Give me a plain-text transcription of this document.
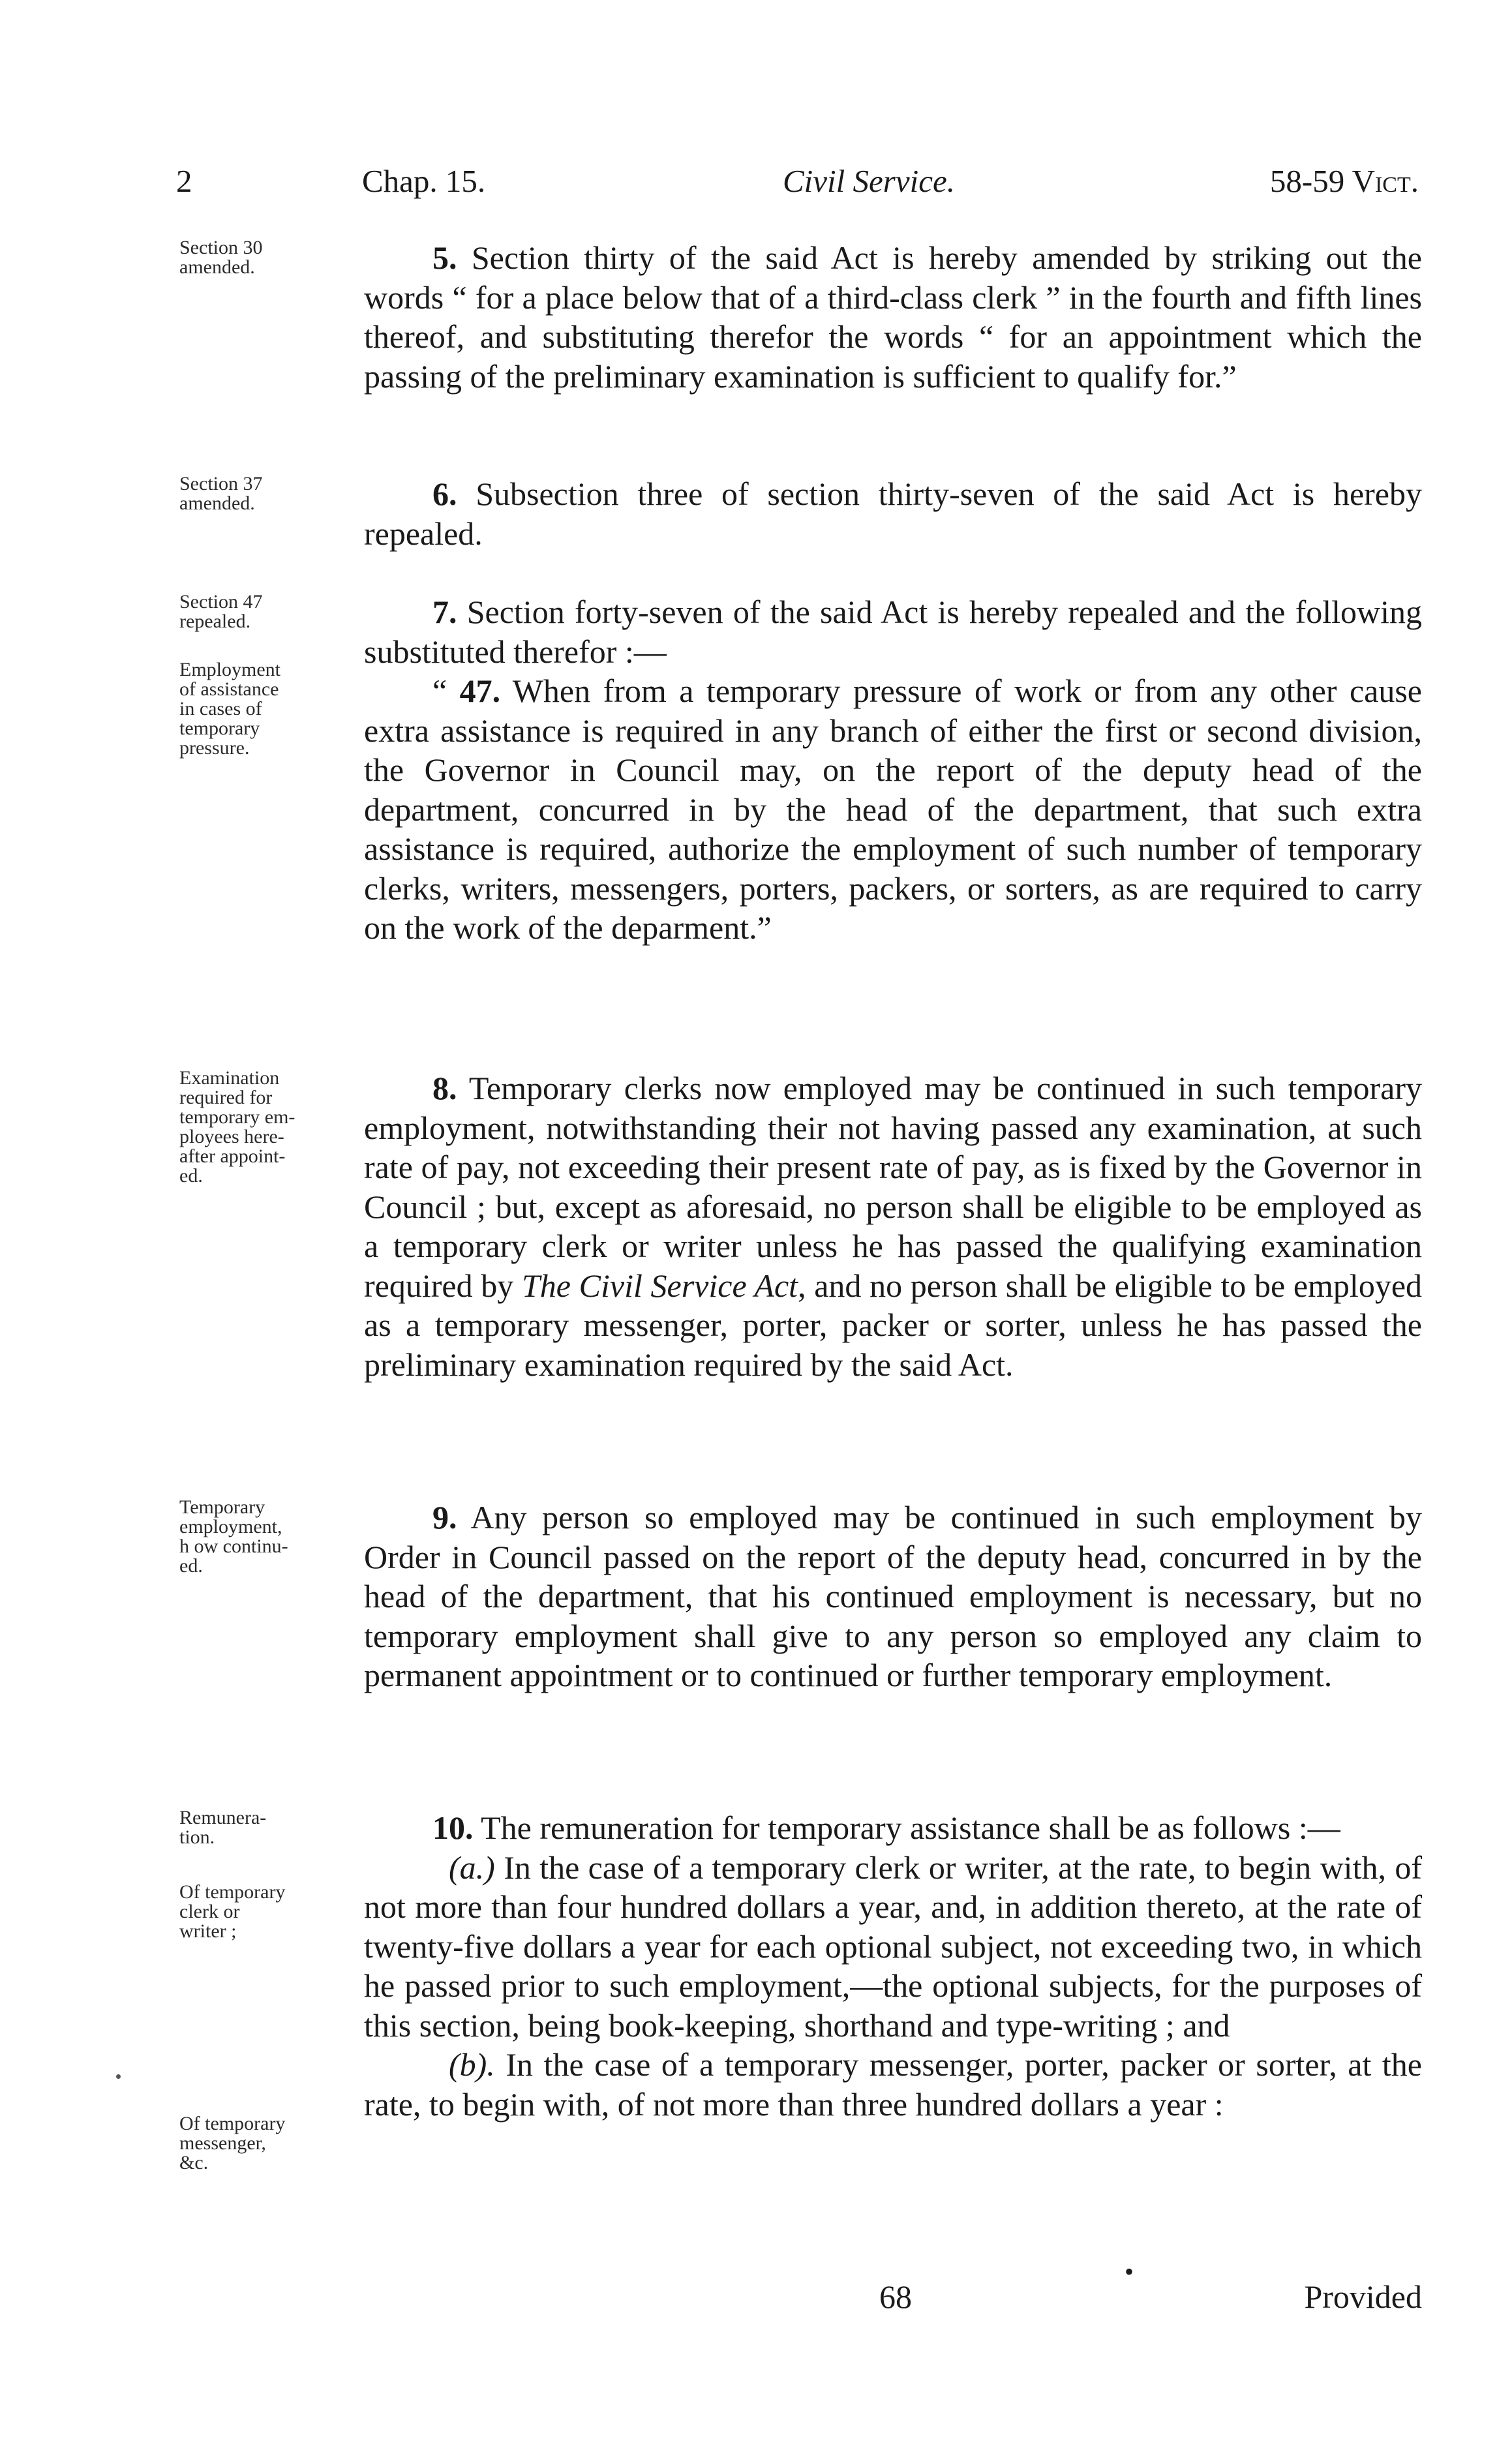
2	Chap. 15.	Civil Service.	58-59 Vict.

Section 30

amended.	5. Section thirty of the said Act is hereby amended by striking out the words “ for a place below that of a third-class clerk ” in the fourth and fifth lines thereof, and substituting therefor the words “ for an appointment which the passing of the preliminary examination is sufficient to qualify for.”

Section 37

amended.	6. Subsection three of section thirty-seven of the said Act is hereby repealed.

Section 47

repealed.

Employment

of assistance

in cases of

temporary

pressure.

7. Section forty-seven of the said Act is hereby repealed and the following substituted therefor :—

“ 47. When from a temporary pressure of work or from any other cause extra assistance is required in any branch of either the first or second division, the Governor in Council may, on the report of the deputy head of the department, concurred in by the head of the department, that such extra assistance is required, authorize the employment of such number of temporary clerks, writers, messengers, porters, packers, or sorters, as are required to carry on the work of the deparment.”

Examination

required for

temporary em-

ployees here-

after appoint-

ed.

8. Temporary clerks now employed may be continued in such temporary employment, notwithstanding their not having passed any examination, at such rate of pay, not exceeding their present rate of pay, as is fixed by the Governor in Council ; but, except as aforesaid, no person shall be eligible to be employed as a temporary clerk or writer unless he has passed the qualifying examination required by The Civil Service Act, and no person shall be eligible to be employed as a temporary messenger, porter, packer or sorter, unless he has passed the preliminary examination required by the said Act.

Temporary

employment,

h ow continu-

ed.

9. Any person so employed may be continued in such employment by Order in Council passed on the report of the deputy head, concurred in by the head of the department, that his continued employment is necessary, but no temporary employment shall give to any person so employed any claim to permanent appointment or to continued or further temporary employment.

Remunera-

tion.

Of temporary

clerk or

writer ;

Of temporary

messenger,

&c.

10. The remuneration for temporary assistance shall be as follows :—

(a.) In the case of a temporary clerk or writer, at the rate, to begin with, of not more than four hundred dollars a year, and, in addition thereto, at the rate of twenty-five dollars a year for each optional subject, not exceeding two, in which he passed prior to such employment,—the optional subjects, for the purposes of this section, being book-keeping, shorthand and type-writing ; and

(b). In the case of a temporary messenger, porter, packer or sorter, at the rate, to begin with, of not more than three hundred dollars a year :

68
•
Provided
